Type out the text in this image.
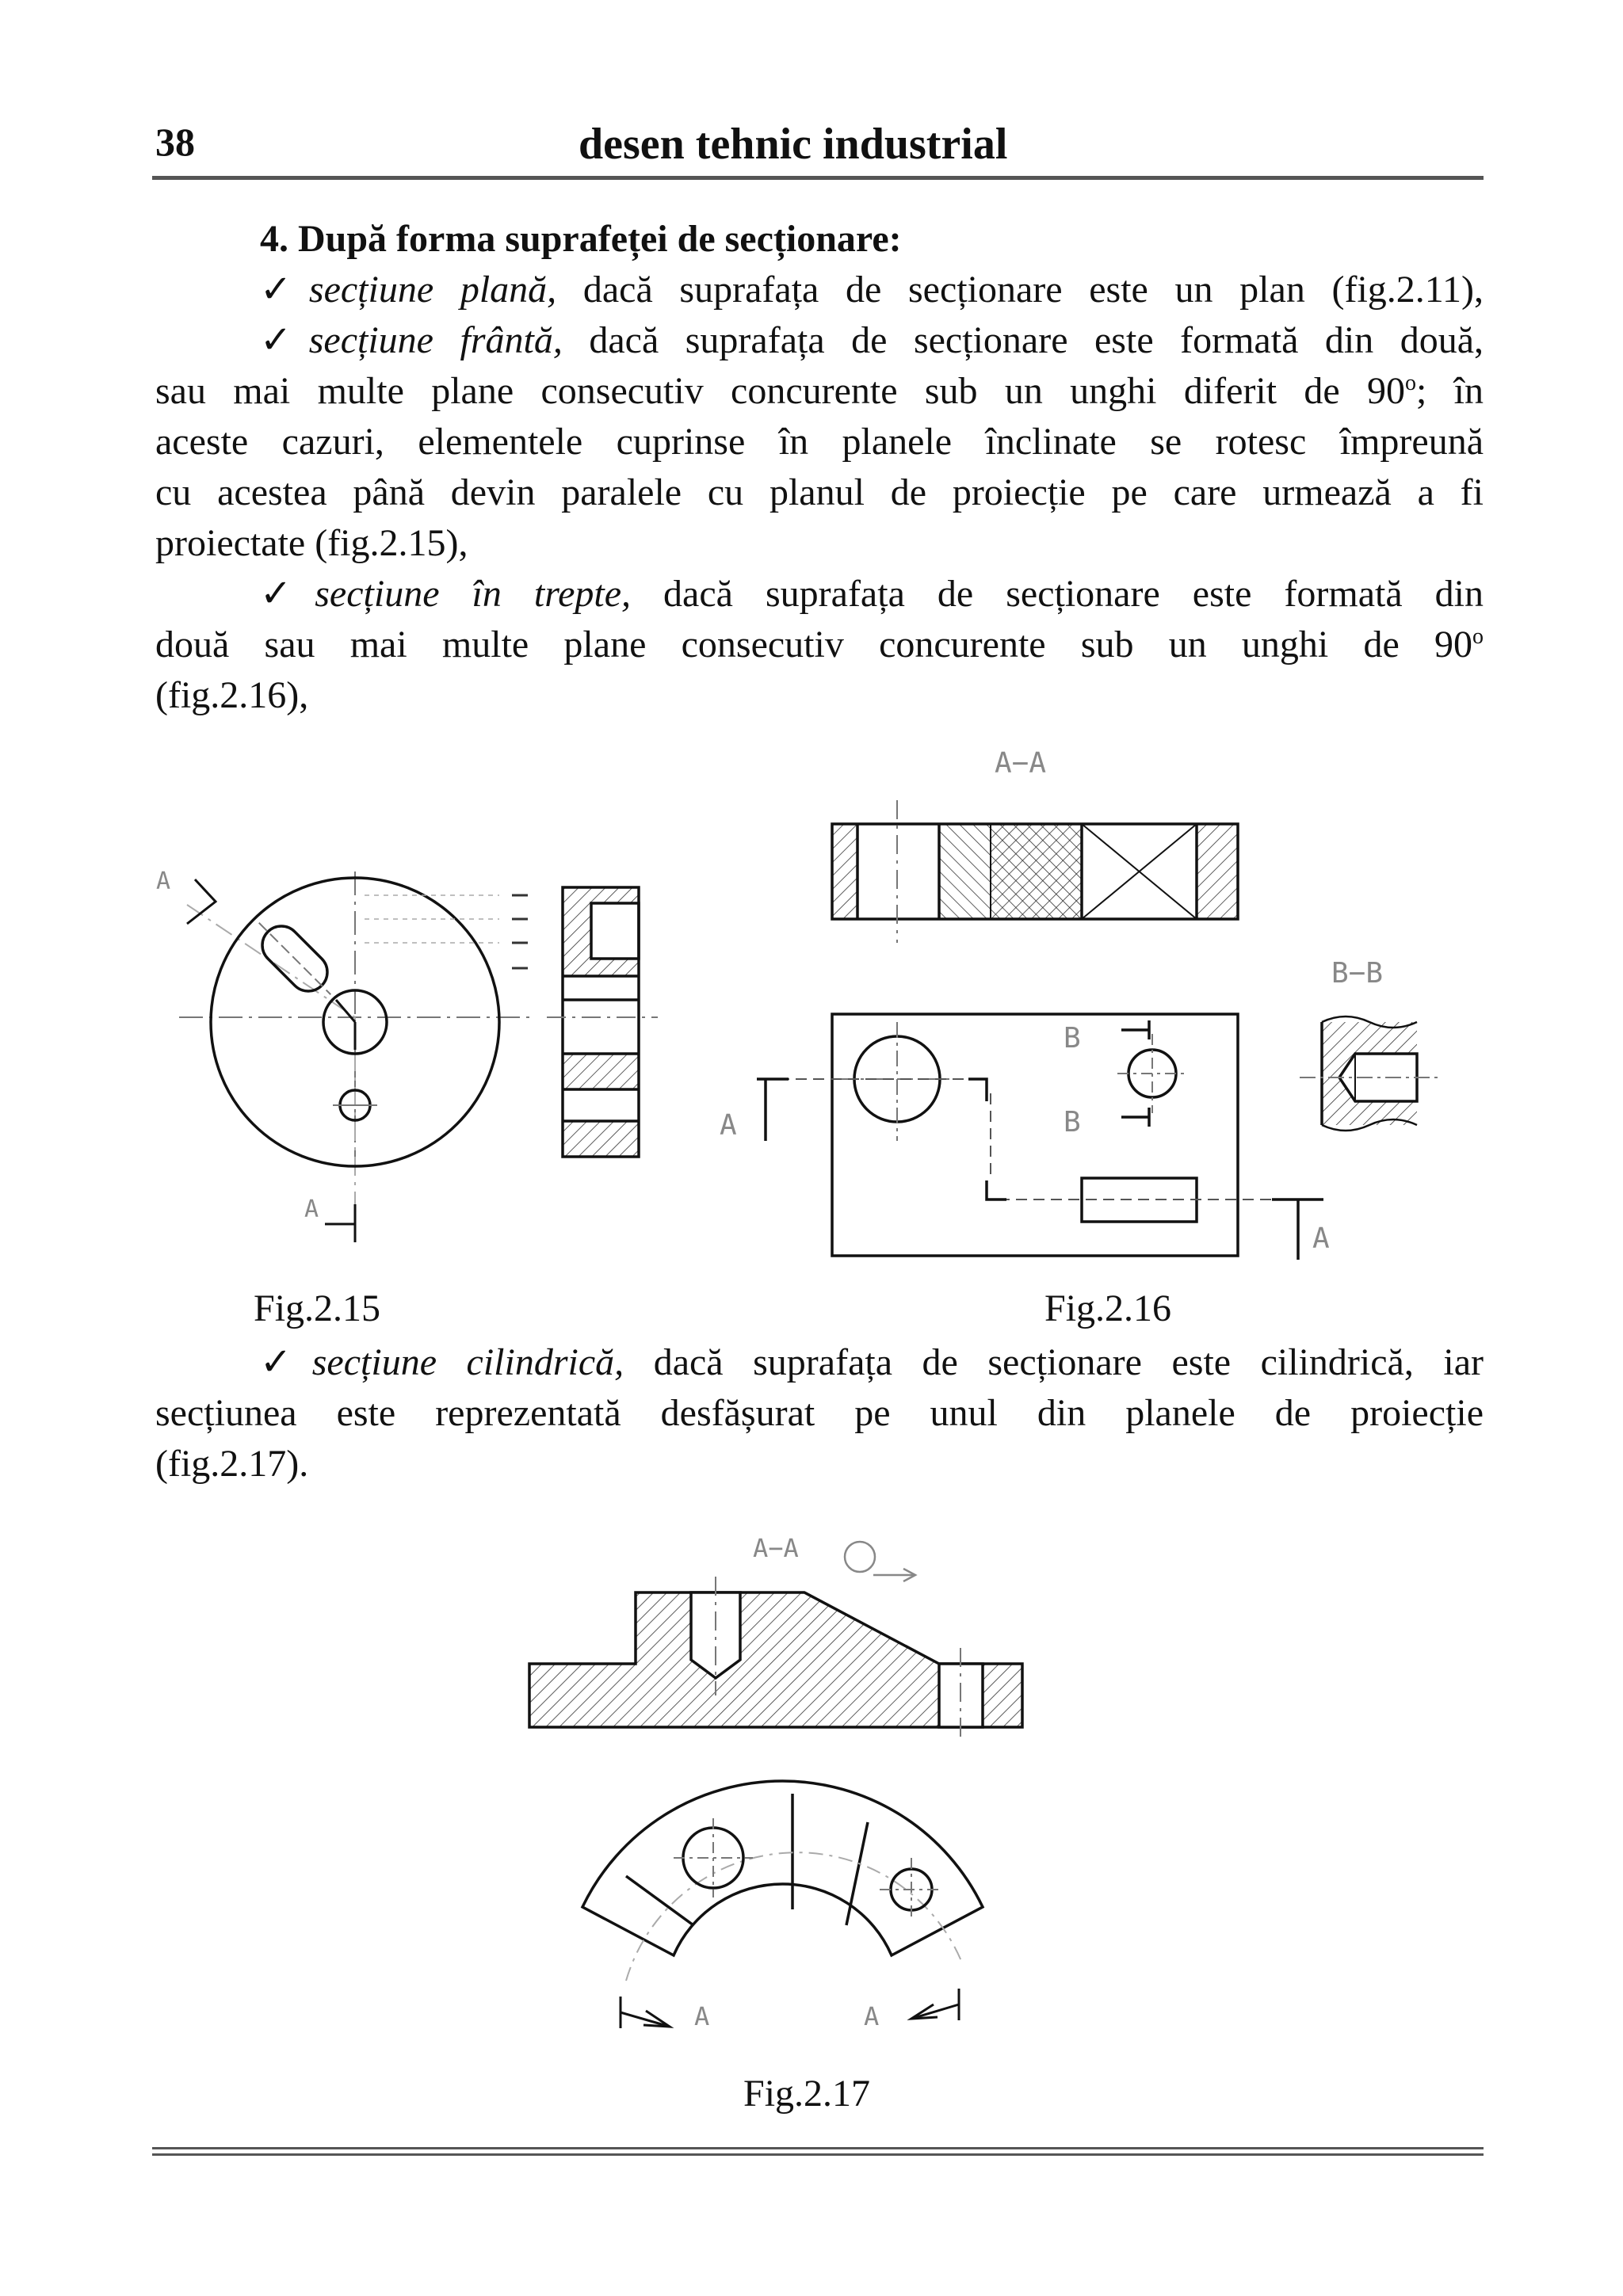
38	desen tehnic industrial

4. După forma suprafeței de secționare:

✓secțiune plană, dacă suprafața de secționare este un plan (fig.2.11),

✓secțiune frântă, dacă suprafața de secționare este formată din două,

sau mai multe plane consecutiv concurente sub un unghi diferit de 90$^o$; în

aceste cazuri, elementele cuprinse în planele înclinate se rotesc împreună

cu acestea până devin paralele cu planul de proiecție pe care urmează a fi

proiectate (fig.2.15),

✓secțiune în trepte, dacă suprafața de secționare este formată din

două sau mai multe plane consecutiv concurente sub un unghi de 90$^o$

(fig.2.16),

A
A
A−A
B−B
A
A
B
B
A−A
A	A
Fig.2.15	Fig.2.16

✓secțiune cilindrică, dacă suprafața de secționare este cilindrică, iar

secțiunea este reprezentată desfășurat pe unul din planele de proiecție

(fig.2.17).

Fig.2.17
